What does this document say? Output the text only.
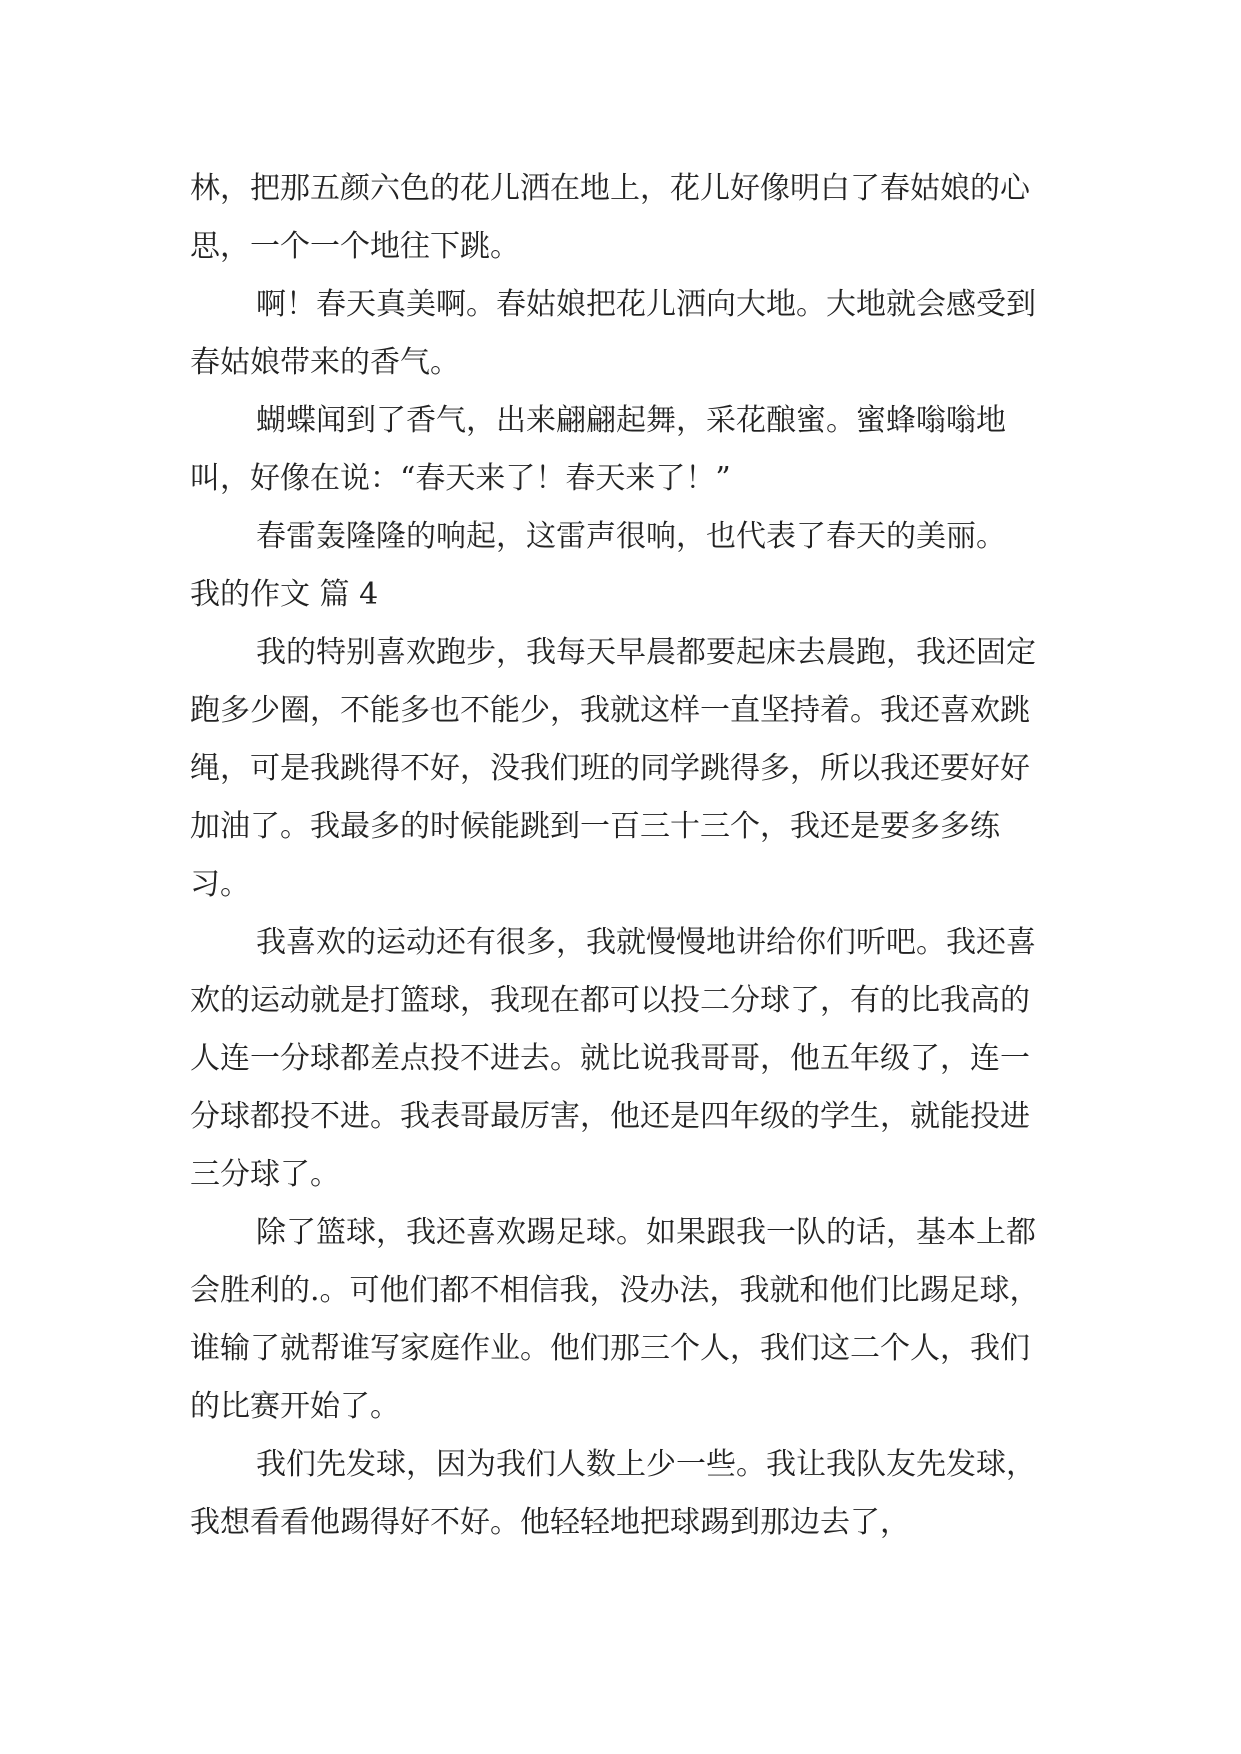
林，把那五颜六色的花儿洒在地上，花儿好像明白了春姑娘的心思，一个一个地往下跳。

啊！春天真美啊。春姑娘把花儿洒向大地。大地就会感受到春姑娘带来的香气。

蝴蝶闻到了香气，出来翩翩起舞，采花酿蜜。蜜蜂嗡嗡地叫，好像在说：“春天来了！春天来了！”

春雷轰隆隆的响起，这雷声很响，也代表了春天的美丽。

我的作文 篇 4

我的特别喜欢跑步，我每天早晨都要起床去晨跑，我还固定跑多少圈，不能多也不能少，我就这样一直坚持着。我还喜欢跳绳，可是我跳得不好，没我们班的同学跳得多，所以我还要好好加油了。我最多的时候能跳到一百三十三个，我还是要多多练习。

我喜欢的运动还有很多，我就慢慢地讲给你们听吧。我还喜欢的运动就是打篮球，我现在都可以投二分球了，有的比我高的人连一分球都差点投不进去。就比说我哥哥，他五年级了，连一分球都投不进。我表哥最厉害，他还是四年级的学生，就能投进三分球了。

除了篮球，我还喜欢踢足球。如果跟我一队的话，基本上都会胜利的.。可他们都不相信我，没办法，我就和他们比踢足球，谁输了就帮谁写家庭作业。他们那三个人，我们这二个人，我们的比赛开始了。

我们先发球，因为我们人数上少一些。我让我队友先发球，我想看看他踢得好不好。他轻轻地把球踢到那边去了，
